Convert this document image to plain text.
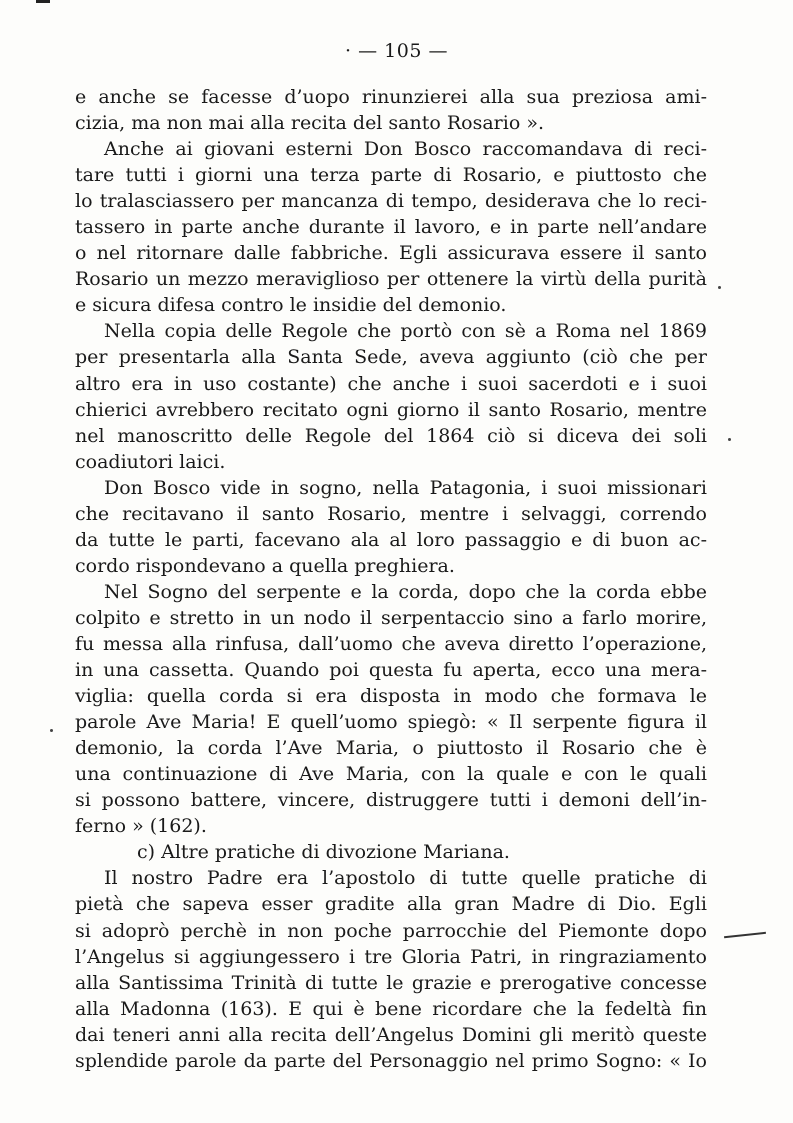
· — 105 —
e anche se facesse d’uopo rinunzierei alla sua preziosa ami-
cizia, ma non mai alla recita del santo Rosario ».
Anche ai giovani esterni Don Bosco raccomandava di reci-
tare tutti i giorni una terza parte di Rosario, e piuttosto che
lo tralasciassero per mancanza di tempo, desiderava che lo reci-
tassero in parte anche durante il lavoro, e in parte nell’andare
o nel ritornare dalle fabbriche. Egli assicurava essere il santo
Rosario un mezzo meraviglioso per ottenere la virtù della purità
e sicura difesa contro le insidie del demonio.
Nella copia delle Regole che portò con sè a Roma nel 1869
per presentarla alla Santa Sede, aveva aggiunto (ciò che per
altro era in uso costante) che anche i suoi sacerdoti e i suoi
chierici avrebbero recitato ogni giorno il santo Rosario, mentre
nel manoscritto delle Regole del 1864 ciò si diceva dei soli
coadiutori laici.
Don Bosco vide in sogno, nella Patagonia, i suoi missionari
che recitavano il santo Rosario, mentre i selvaggi, correndo
da tutte le parti, facevano ala al loro passaggio e di buon ac-
cordo rispondevano a quella preghiera.
Nel Sogno del serpente e la corda, dopo che la corda ebbe
colpito e stretto in un nodo il serpentaccio sino a farlo morire,
fu messa alla rinfusa, dall’uomo che aveva diretto l’operazione,
in una cassetta. Quando poi questa fu aperta, ecco una mera-
viglia: quella corda si era disposta in modo che formava le
parole Ave Maria! E quell’uomo spiegò: « Il serpente figura il
demonio, la corda l’Ave Maria, o piuttosto il Rosario che è
una continuazione di Ave Maria, con la quale e con le quali
si possono battere, vincere, distruggere tutti i demoni dell’in-
ferno » (162).
c) Altre pratiche di divozione Mariana.
Il nostro Padre era l’apostolo di tutte quelle pratiche di
pietà che sapeva esser gradite alla gran Madre di Dio. Egli
si adoprò perchè in non poche parrocchie del Piemonte dopo
l’Angelus si aggiungessero i tre Gloria Patri, in ringraziamento
alla Santissima Trinità di tutte le grazie e prerogative concesse
alla Madonna (163). E qui è bene ricordare che la fedeltà fin
dai teneri anni alla recita dell’Angelus Domini gli meritò queste
splendide parole da parte del Personaggio nel primo Sogno: « Io
